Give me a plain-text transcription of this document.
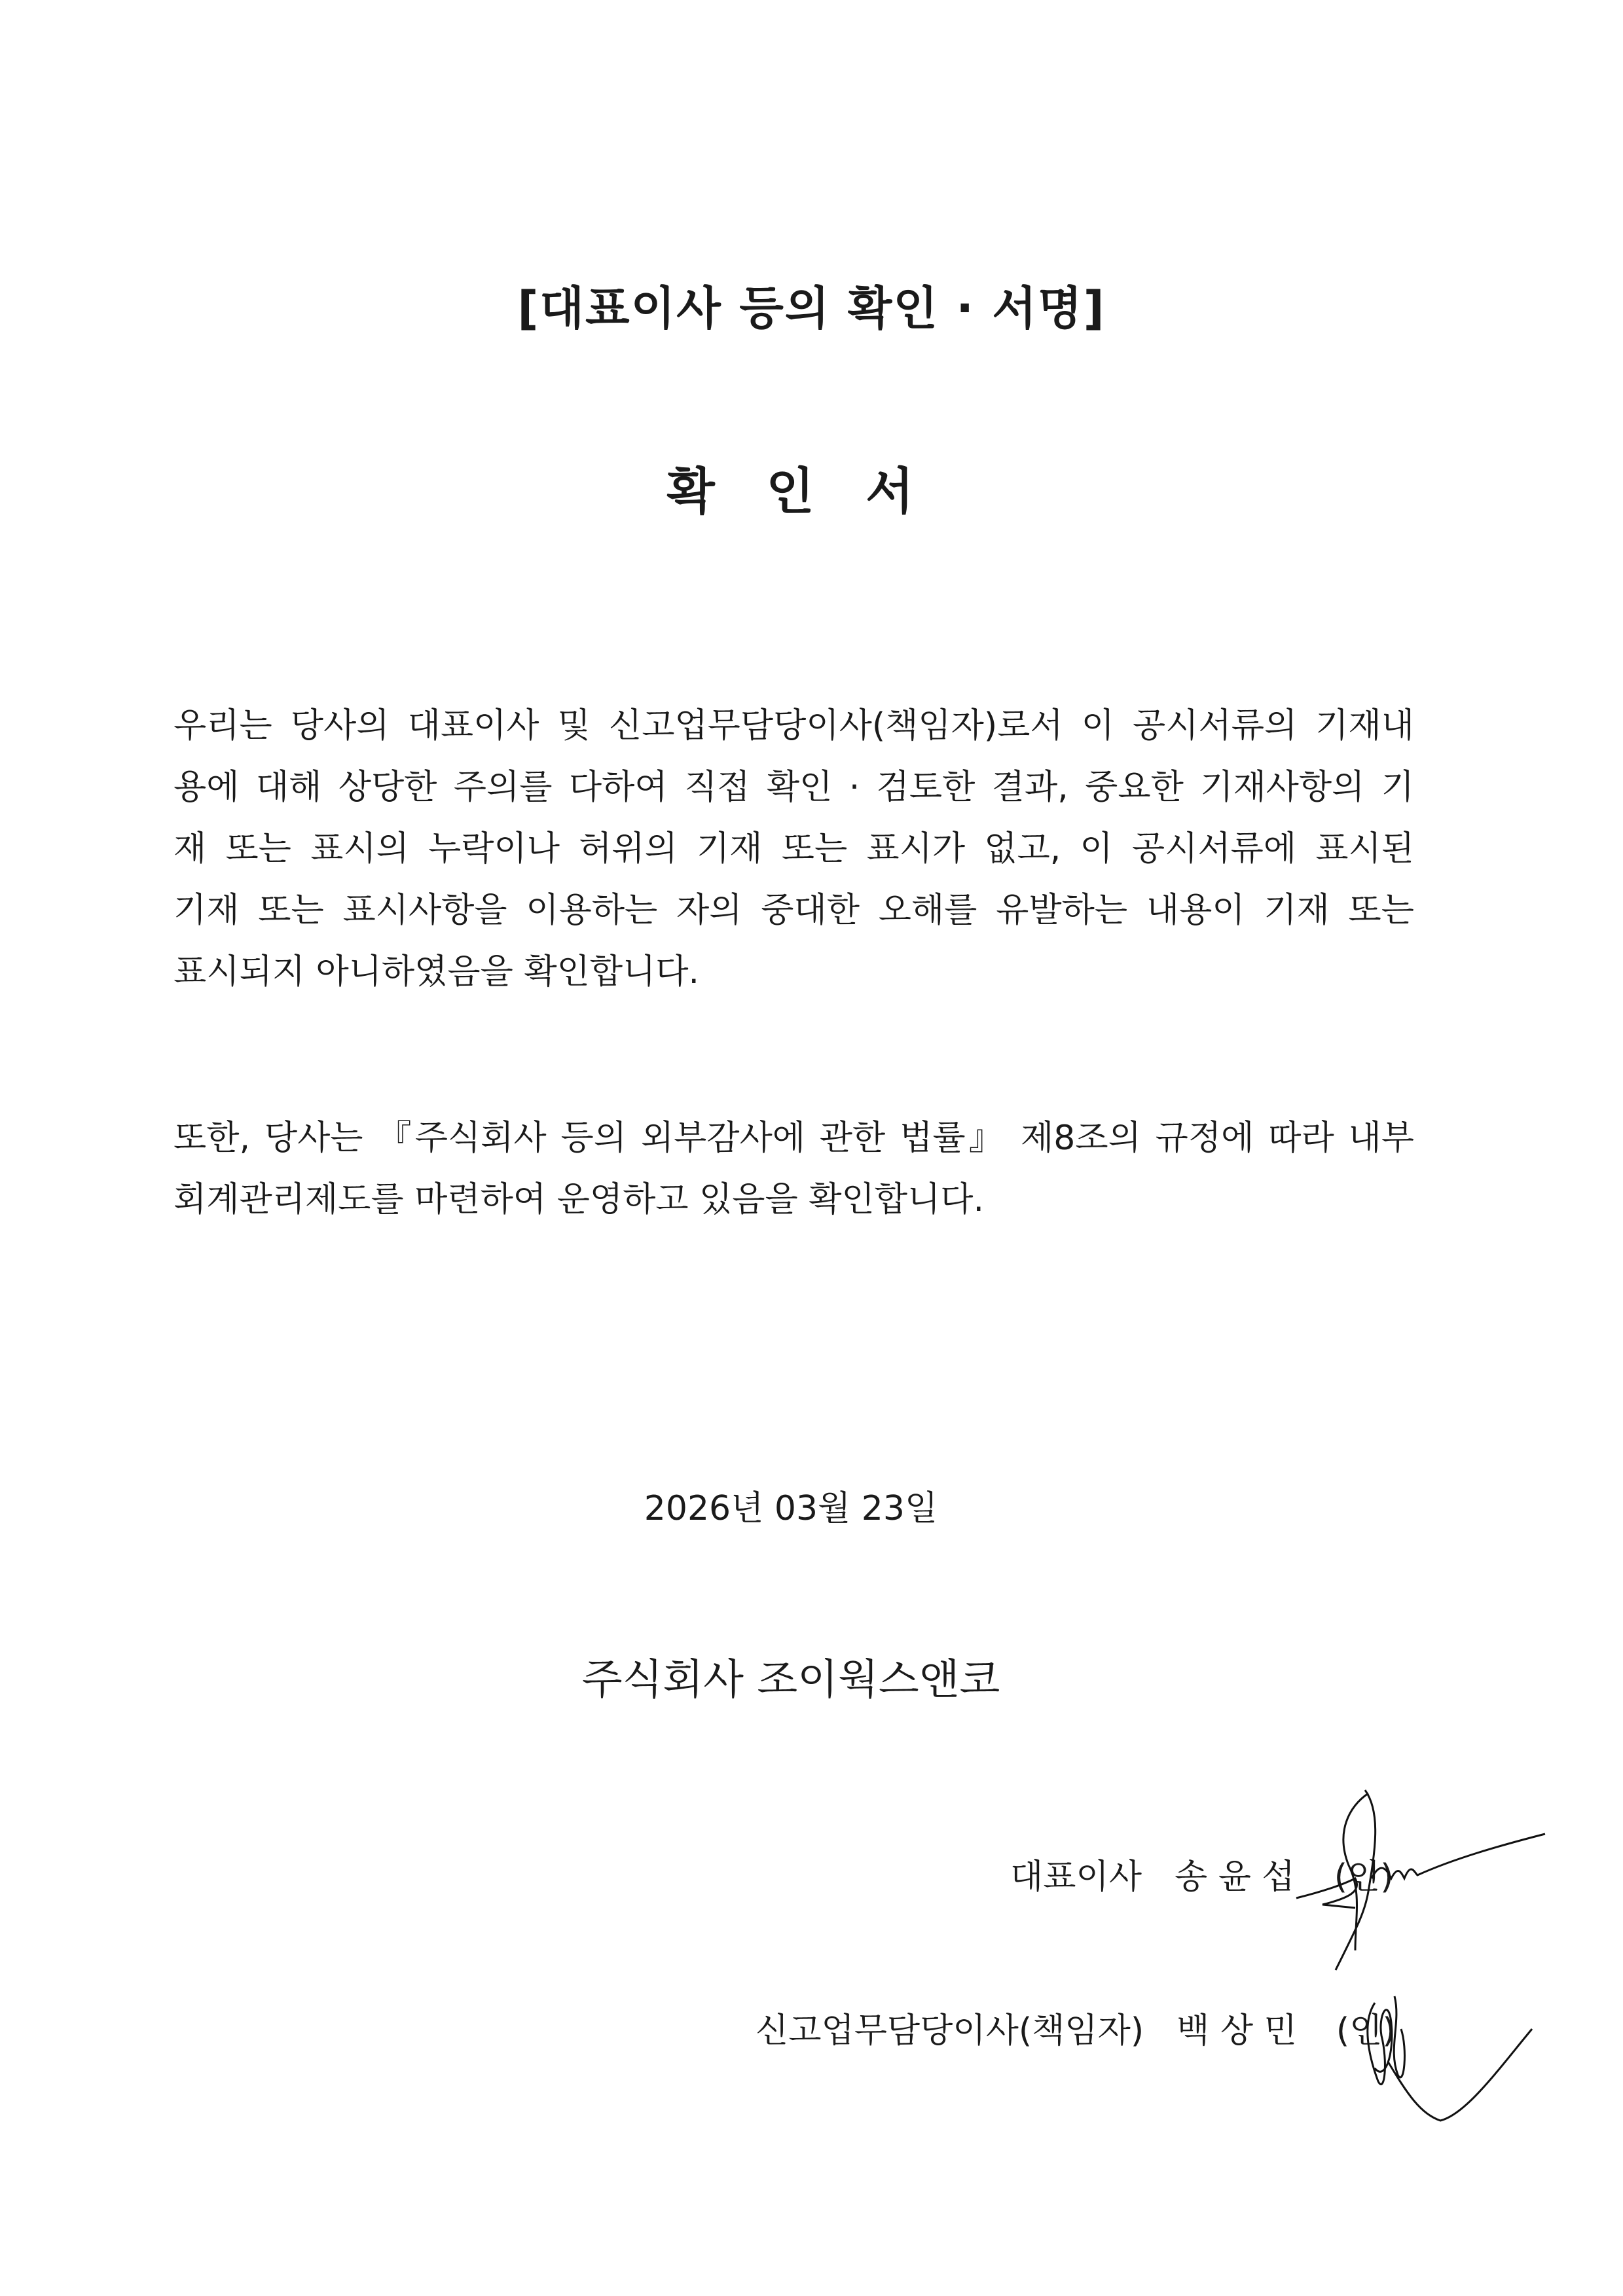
[대표이사 등의 확인 · 서명]
확 인 서
우리는 당사의 대표이사 및 신고업무담당이사(책임자)로서 이 공시서류의 기재내
용에 대해 상당한 주의를 다하여 직접 확인 · 검토한 결과, 중요한 기재사항의 기
재 또는 표시의 누락이나 허위의 기재 또는 표시가 없고, 이 공시서류에 표시된
기재 또는 표시사항을 이용하는 자의 중대한 오해를 유발하는 내용이 기재 또는
표시되지 아니하였음을 확인합니다.
또한, 당사는 『주식회사 등의 외부감사에 관한 법률』 제8조의 규정에 따라 내부
회계관리제도를 마련하여 운영하고 있음을 확인합니다.
2026년 03월 23일
주식회사 조이웍스앤코
대표이사 송 윤 섭 (인)
신고업무담당이사(책임자) 백 상 민 (인)
